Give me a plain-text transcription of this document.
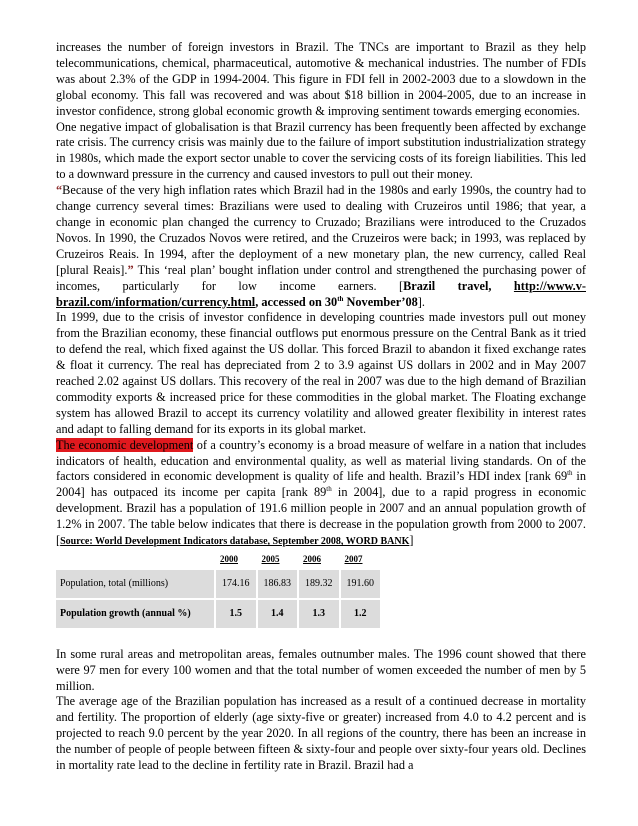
increases the number of foreign investors in Brazil. The TNCs are important to Brazil as they help telecommunications, chemical, pharmaceutical, automotive & mechanical industries. The number of FDIs was about 2.3% of the GDP in 1994-2004. This figure in FDI fell in 2002-2003 due to a slowdown in the global economy. This fall was recovered and was about $18 billion in 2004-2005, due to an increase in investor confidence, strong global economic growth & improving sentiment towards emerging economies.

One negative impact of globalisation is that Brazil currency has been frequently been affected by exchange rate crisis. The currency crisis was mainly due to the failure of import substitution industrialization strategy in 1980s, which made the export sector unable to cover the servicing costs of its foreign liabilities. This led to a downward pressure in the currency and caused investors to pull out their money.

“Because of the very high inflation rates which Brazil had in the 1980s and early 1990s, the country had to change currency several times: Brazilians were used to dealing with Cruzeiros until 1986; that year, a change in economic plan changed the currency to Cruzado; Brazilians were introduced to the Cruzados Novos. In 1990, the Cruzados Novos were retired, and the Cruzeiros were back; in 1993, was replaced by Cruzeiros Reais. In 1994, after the deployment of a new monetary plan, the new currency, called Real [plural Reais].” This ‘real plan’ bought inflation under control and strengthened the purchasing power of incomes, particularly for low income earners. [Brazil travel, http://www.v-brazil.com/information/currency.html, accessed on 30th November’08].

In 1999, due to the crisis of investor confidence in developing countries made investors pull out money from the Brazilian economy, these financial outflows put enormous pressure on the Central Bank as it tried to defend the real, which fixed against the US dollar. This forced Brazil to abandon it fixed exchange rates & float it currency. The real has depreciated from 2 to 3.9 against US dollars in 2002 and in May 2007 reached 2.02 against US dollars. This recovery of the real in 2007 was due to the high demand of Brazilian commodity exports & increased price for these commodities in the global market. The Floating exchange system has allowed Brazil to accept its currency volatility and allowed greater flexibility in interest rates and adapt to falling demand for its exports in its global market.

The economic development of a country’s economy is a broad measure of welfare in a nation that includes indicators of health, education and environmental quality, as well as material living standards. On of the factors considered in economic development is quality of life and health. Brazil’s HDI index [rank 69th in 2004] has outpaced its income per capita [rank 89th in 2004], due to a rapid progress in economic development. Brazil has a population of 191.6 million people in 2007 and an annual population growth of 1.2% in 2007. The table below indicates that there is decrease in the population growth from 2000 to 2007. [Source: World Development Indicators database, September 2008, WORD BANK]

	2000	2005	2006	2007
Population, total (millions)	174.16	186.83	189.32	191.60
Population growth (annual %)	1.5	1.4	1.3	1.2

In some rural areas and metropolitan areas, females outnumber males. The 1996 count showed that there were 97 men for every 100 women and that the total number of women exceeded the number of men by 5 million.

The average age of the Brazilian population has increased as a result of a continued decrease in mortality and fertility. The proportion of elderly (age sixty-five or greater) increased from 4.0 to 4.2 percent and is projected to reach 9.0 percent by the year 2020. In all regions of the country, there has been an increase in the number of people of people between fifteen & sixty-four and people over sixty-four years old. Declines in mortality rate lead to the decline in fertility rate in Brazil. Brazil had a
